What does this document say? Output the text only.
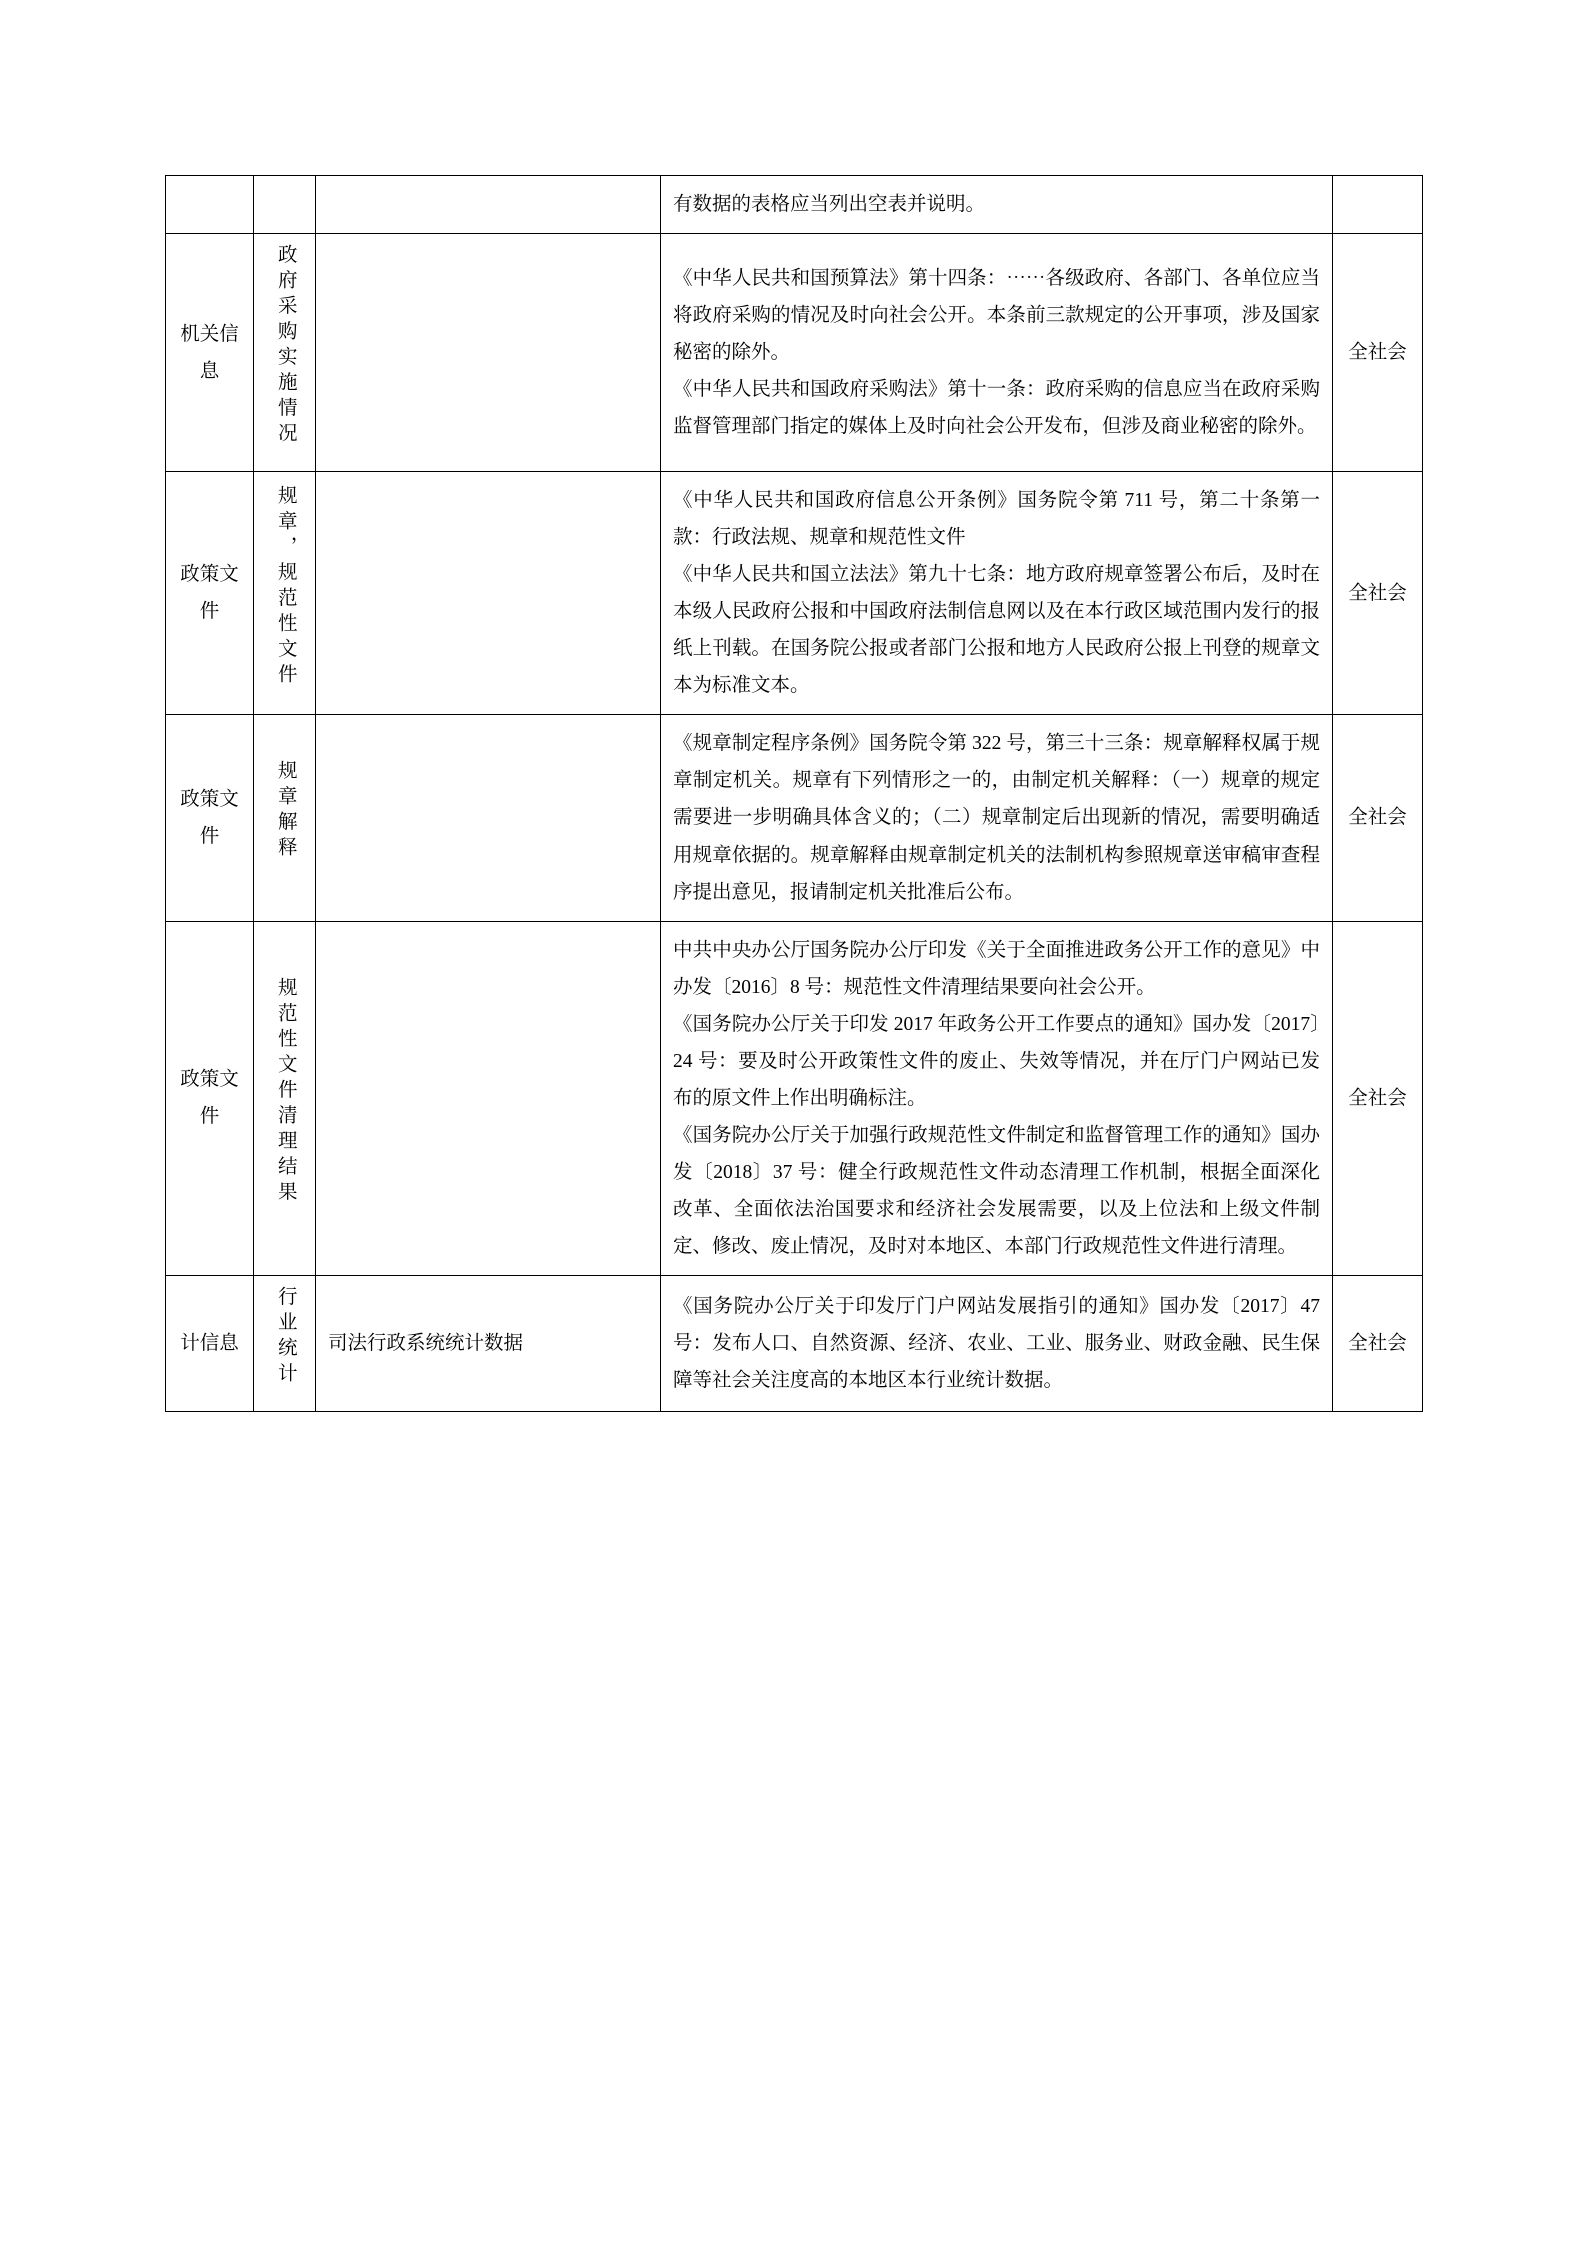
			有数据的表格应当列出空表并说明。	

机关信息	政府采购实施情况		《中华人民共和国预算法》第十四条：⋯⋯各级政府、各部门、各单位应当将政府采购的情况及时向社会公开。本条前三款规定的公开事项，涉及国家秘密的除外。

《中华人民共和国政府采购法》第十一条：政府采购的信息应当在政府采购监督管理部门指定的媒体上及时向社会公开发布，但涉及商业秘密的除外。	全社会
政策文件	规章，规范性文件		《中华人民共和国政府信息公开条例》国务院令第 711 号，第二十条第一款：行政法规、规章和规范性文件

《中华人民共和国立法法》第九十七条：地方政府规章签署公布后，及时在本级人民政府公报和中国政府法制信息网以及在本行政区域范围内发行的报纸上刊载。在国务院公报或者部门公报和地方人民政府公报上刊登的规章文本为标准文本。	全社会
政策文件	规章解释		《规章制定程序条例》国务院令第 322 号，第三十三条：规章解释权属于规章制定机关。规章有下列情形之一的，由制定机关解释：（一）规章的规定需要进一步明确具体含义的；（二）规章制定后出现新的情况，需要明确适用规章依据的。规章解释由规章制定机关的法制机构参照规章送审稿审查程序提出意见，报请制定机关批准后公布。	全社会
政策文件	规范性文件清理结果		中共中央办公厅国务院办公厅印发《关于全面推进政务公开工作的意见》中办发〔2016〕8 号：规范性文件清理结果要向社会公开。

《国务院办公厅关于印发 2017 年政务公开工作要点的通知》国办发〔2017〕24 号：要及时公开政策性文件的废止、失效等情况，并在厅门户网站已发布的原文件上作出明确标注。

《国务院办公厅关于加强行政规范性文件制定和监督管理工作的通知》国办发〔2018〕37 号：健全行政规范性文件动态清理工作机制，根据全面深化改革、全面依法治国要求和经济社会发展需要，以及上位法和上级文件制定、修改、废止情况，及时对本地区、本部门行政规范性文件进行清理。	全社会
计信息	行业统计	司法行政系统统计数据	《国务院办公厅关于印发厅门户网站发展指引的通知》国办发〔2017〕47 号：发布人口、自然资源、经济、农业、工业、服务业、财政金融、民生保障等社会关注度高的本地区本行业统计数据。	全社会
